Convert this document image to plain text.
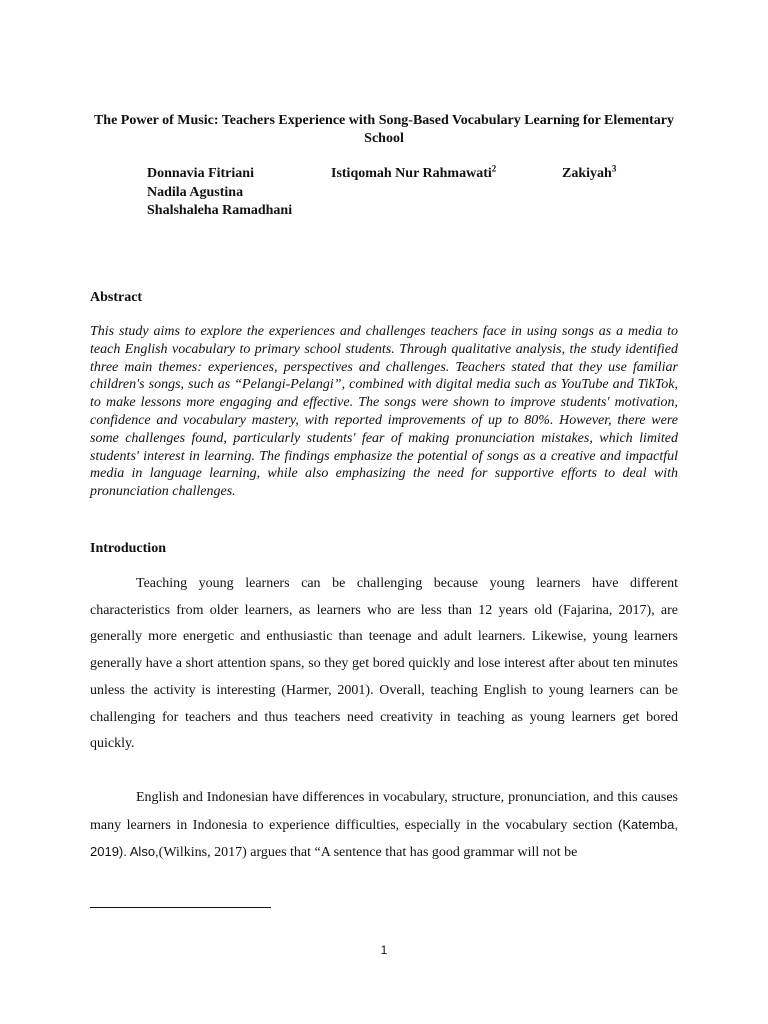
The Power of Music: Teachers Experience with Song-Based Vocabulary Learning for Elementary School
Donnavia Fitriani
Nadila Agustina
Shalshaleha Ramadhani
Istiqomah Nur Rahmawati$^2$	Zakiyah$^3$
Abstract

This study aims to explore the experiences and challenges teachers face in using songs as a media to teach English vocabulary to primary school students. Through qualitative analysis, the study identified three main themes: experiences, perspectives and challenges. Teachers stated that they use familiar children's songs, such as “Pelangi-Pelangi”, combined with digital media such as YouTube and TikTok, to make lessons more engaging and effective. The songs were shown to improve students' motivation, confidence and vocabulary mastery, with reported improvements of up to 80%. However, there were some challenges found, particularly students' fear of making pronunciation mistakes, which limited students' interest in learning. The findings emphasize the potential of songs as a creative and impactful media in language learning, while also emphasizing the need for supportive efforts to deal with pronunciation challenges.

Introduction

Teaching young learners can be challenging because young learners have different characteristics from older learners, as learners who are less than 12 years old (Fajarina, 2017), are generally more energetic and enthusiastic than teenage and adult learners. Likewise, young learners generally have a short attention spans, so they get bored quickly and lose interest after about ten minutes unless the activity is interesting (Harmer, 2001). Overall, teaching English to young learners can be challenging for teachers and thus teachers need creativity in teaching as young learners get bored quickly.

English and Indonesian have differences in vocabulary, structure, pronunciation, and this causes many learners in Indonesia to experience difficulties, especially in the vocabulary section (Katemba, 2019). Also,(Wilkins, 2017) argues that “A sentence that has good grammar will not be

1
